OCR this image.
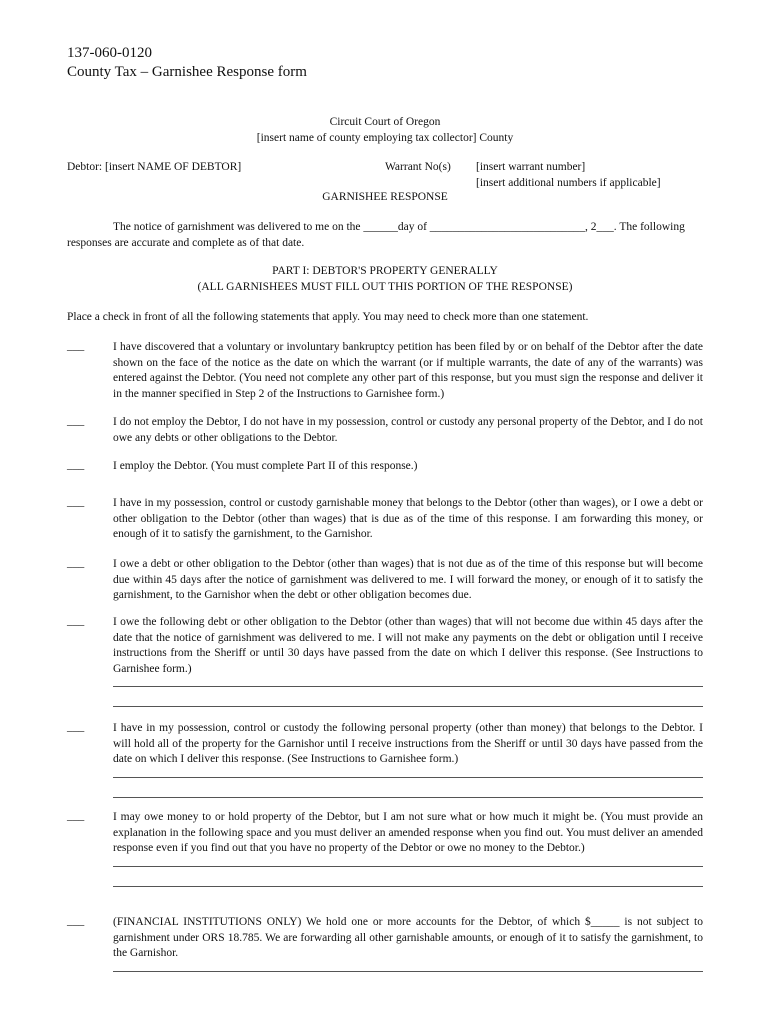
137-060-0120
County Tax – Garnishee Response form
Circuit Court of Oregon
[insert name of county employing tax collector] County
Debtor: [insert NAME OF DEBTOR]	Warrant No(s) [insert warrant number]
[insert additional numbers if applicable]
GARNISHEE RESPONSE
The notice of garnishment was delivered to me on the ______day of ___________________________, 2___. The following responses are accurate and complete as of that date.
PART I: DEBTOR'S PROPERTY GENERALLY
(ALL GARNISHEES MUST FILL OUT THIS PORTION OF THE RESPONSE)
Place a check in front of all the following statements that apply. You may need to check more than one statement.
___	I have discovered that a voluntary or involuntary bankruptcy petition has been filed by or on behalf of the Debtor after the date shown on the face of the notice as the date on which the warrant (or if multiple warrants, the date of any of the warrants) was entered against the Debtor. (You need not complete any other part of this response, but you must sign the response and deliver it in the manner specified in Step 2 of the Instructions to Garnishee form.)
___	I do not employ the Debtor, I do not have in my possession, control or custody any personal property of the Debtor, and I do not owe any debts or other obligations to the Debtor.
___	I employ the Debtor. (You must complete Part II of this response.)
___	I have in my possession, control or custody garnishable money that belongs to the Debtor (other than wages), or I owe a debt or other obligation to the Debtor (other than wages) that is due as of the time of this response. I am forwarding this money, or enough of it to satisfy the garnishment, to the Garnishor.
___	I owe a debt or other obligation to the Debtor (other than wages) that is not due as of the time of this response but will become due within 45 days after the notice of garnishment was delivered to me. I will forward the money, or enough of it to satisfy the garnishment, to the Garnishor when the debt or other obligation becomes due.
___	I owe the following debt or other obligation to the Debtor (other than wages) that will not become due within 45 days after the date that the notice of garnishment was delivered to me. I will not make any payments on the debt or obligation until I receive instructions from the Sheriff or until 30 days have passed from the date on which I deliver this response. (See Instructions to Garnishee form.)
___	I have in my possession, control or custody the following personal property (other than money) that belongs to the Debtor. I will hold all of the property for the Garnishor until I receive instructions from the Sheriff or until 30 days have passed from the date on which I deliver this response. (See Instructions to Garnishee form.)
___	I may owe money to or hold property of the Debtor, but I am not sure what or how much it might be. (You must provide an explanation in the following space and you must deliver an amended response when you find out. You must deliver an amended response even if you find out that you have no property of the Debtor or owe no money to the Debtor.)
___	(FINANCIAL INSTITUTIONS ONLY) We hold one or more accounts for the Debtor, of which $_____ is not subject to garnishment under ORS 18.785. We are forwarding all other garnishable amounts, or enough of it to satisfy the garnishment, to the Garnishor.
